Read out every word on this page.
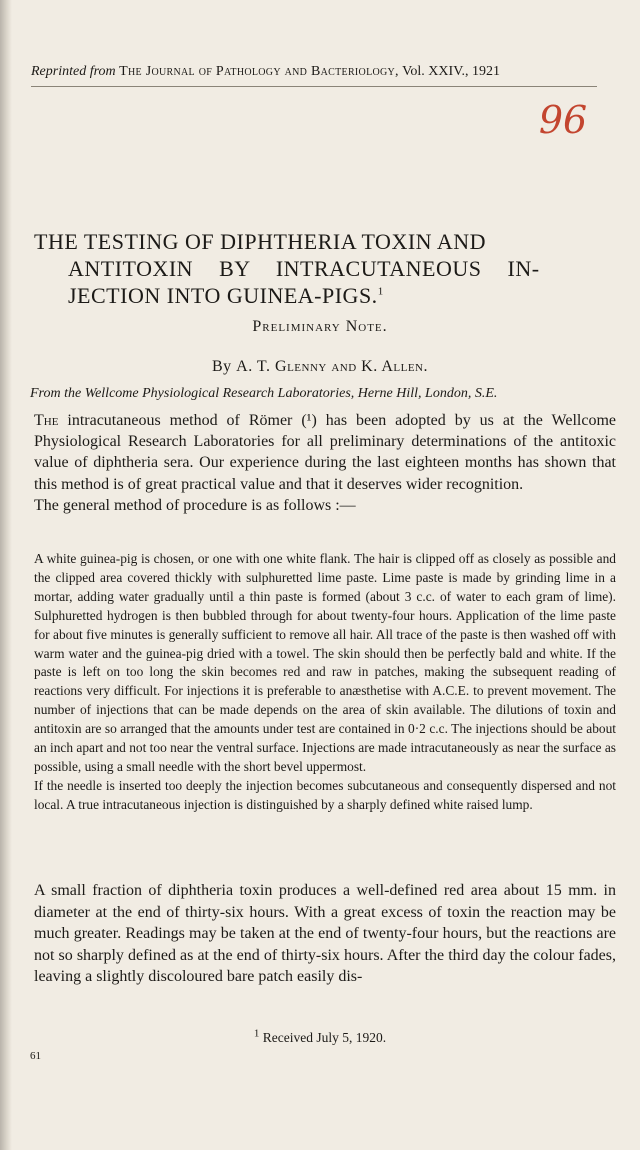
Reprinted from The Journal of Pathology and Bacteriology, Vol. XXIV., 1921
96
THE TESTING OF DIPHTHERIA TOXIN AND
ANTITOXIN BY INTRACUTANEOUS IN-
JECTION INTO GUINEA-PIGS.$^1$
Preliminary Note.
By A. T. Glenny and K. Allen.
From the Wellcome Physiological Research Laboratories, Herne Hill, London, S.E.

The intracutaneous method of Römer (¹) has been adopted by us at the Wellcome Physiological Research Laboratories for all preliminary determinations of the antitoxic value of diphtheria sera. Our experience during the last eighteen months has shown that this method is of great practical value and that it deserves wider recognition.

The general method of procedure is as follows :—

A white guinea-pig is chosen, or one with one white flank. The hair is clipped off as closely as possible and the clipped area covered thickly with sulphuretted lime paste. Lime paste is made by grinding lime in a mortar, adding water gradually until a thin paste is formed (about 3 c.c. of water to each gram of lime). Sulphuretted hydrogen is then bubbled through for about twenty-four hours. Application of the lime paste for about five minutes is generally sufficient to remove all hair. All trace of the paste is then washed off with warm water and the guinea-pig dried with a towel. The skin should then be perfectly bald and white. If the paste is left on too long the skin becomes red and raw in patches, making the subsequent reading of reactions very difficult. For injections it is preferable to anæsthetise with A.C.E. to prevent movement. The number of injections that can be made depends on the area of skin available. The dilutions of toxin and antitoxin are so arranged that the amounts under test are contained in 0·2 c.c. The injections should be about an inch apart and not too near the ventral surface. Injections are made intracutaneously as near the surface as possible, using a small needle with the short bevel uppermost.

If the needle is inserted too deeply the injection becomes subcutaneous and consequently dispersed and not local. A true intracutaneous injection is distinguished by a sharply defined white raised lump.

A small fraction of diphtheria toxin produces a well-defined red area about 15 mm. in diameter at the end of thirty-six hours. With a great excess of toxin the reaction may be much greater. Readings may be taken at the end of twenty-four hours, but the reactions are not so sharply defined as at the end of thirty-six hours. After the third day the colour fades, leaving a slightly discoloured bare patch easily dis-

$^1$ Received July 5, 1920.
61
